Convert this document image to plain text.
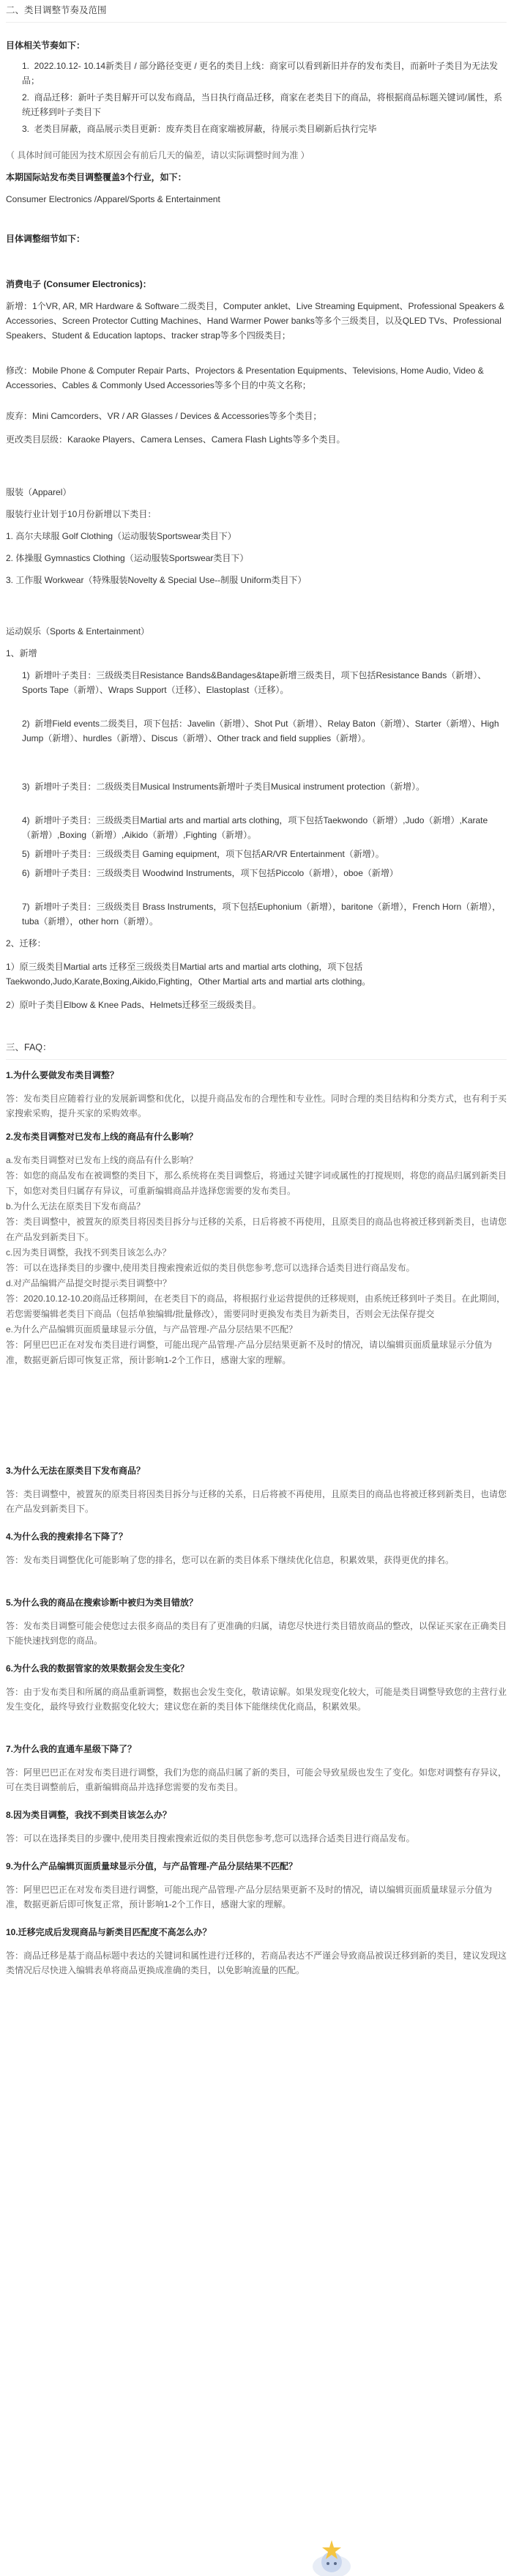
二、类目调整节奏及范围
目体相关节奏如下：
1.  2022.10.12- 10.14新类目 / 部分路径变更 / 更名的类目上线：商家可以看到新旧并存的发布类目，而新叶子类目为无法发品；
2.  商品迁移：新叶子类目解开可以发布商品，当日执行商品迁移，商家在老类目下的商品，将根据商品标题关键词/属性，系统迁移到叶子类目下
3.  老类目屏蔽，商品展示类目更新：废弃类目在商家端被屏蔽，待展示类目刷新后执行完毕
（ 具体时间可能因为技术原因会有前后几天的偏差，请以实际调整时间为准 ）
本期国际站发布类目调整覆盖3个行业，如下：
Consumer Electronics /Apparel/Sports & Entertainment
目体调整细节如下：
消费电子 (Consumer Electronics)：
新增：1个VR, AR, MR Hardware & Software二级类目，Computer anklet、Live Streaming Equipment、Professional Speakers & Accessories、Screen Protector Cutting Machines、Hand Warmer Power banks等多个三级类目，以及QLED TVs、Professional Speakers、Student & Education laptops、tracker strap等多个四级类目；
修改：Mobile Phone & Computer Repair Parts、Projectors & Presentation Equipments、Televisions, Home Audio, Video & Accessories、Cables & Commonly Used Accessories等多个目的中英文名称；
废弃：Mini Camcorders、VR / AR Glasses / Devices & Accessories等多个类目；
更改类目层级：Karaoke Players、Camera Lenses、Camera Flash Lights等多个类目。
服装（Apparel）
服装行业计划于10月份新增以下类目：
1. 高尔夫球服 Golf Clothing（运动服装Sportswear类目下）
2. 体操服 Gymnastics Clothing（运动服装Sportswear类目下）
3. 工作服 Workwear（特殊服装Novelty & Special Use--制服 Uniform类目下）
运动娱乐（Sports & Entertainment）
1、新增
1)  新增叶子类目：三级级类目Resistance Bands&Bandages&tape新增三级类目，项下包括Resistance Bands（新增）、Sports Tape（新增）、Wraps Support（迁移）、Elastoplast（迁移）。
2)  新增Field events二级类目，项下包括：Javelin（新增）、Shot Put（新增）、Relay Baton（新增）、Starter（新增）、High Jump（新增）、hurdles（新增）、Discus（新增）、Other track and field supplies（新增）。
3)  新增叶子类目：二级级类目Musical Instruments新增叶子类目Musical instrument protection（新增）。
4)  新增叶子类目：三级级类目Martial arts and martial arts clothing，项下包括Taekwondo（新增）,Judo（新增）,Karate（新增）,Boxing（新增）,Aikido（新增）,Fighting（新增）。
5)  新增叶子类目：三级级类目 Gaming equipment，项下包括AR/VR Entertainment（新增）。
6)  新增叶子类目：三级级类目 Woodwind Instruments，项下包括Piccolo（新增），oboe（新增）
7)  新增叶子类目：三级级类目 Brass Instruments，项下包括Euphonium（新增），baritone（新增），French Horn（新增），tuba（新增），other horn（新增）。
2、迁移：
1）原三级类目Martial arts 迁移至三级级类目Martial arts and martial arts clothing，项下包括Taekwondo,Judo,Karate,Boxing,Aikido,Fighting，Other Martial arts and martial arts clothing。
2）原叶子类目Elbow & Knee Pads、Helmets迁移至三级级类目。
三、FAQ：
1.为什么要做发布类目调整？
答：发布类目应随着行业的发展新调整和优化，以提升商品发布的合理性和专业性。同时合理的类目结构和分类方式，也有利于买家搜索采购，提升买家的采购效率。
2.发布类目调整对已发布上线的商品有什么影响？
a.发布类目调整对已发布上线的商品有什么影响？
答：如您的商品发布在被调整的类目下，那么系统将在类目调整后，将通过关键字词或属性的打搅规则，将您的商品归属到新类目下，如您对类目归属存有异议，可重新编辑商品并选择您需要的发布类目。
b.为什么无法在原类目下发布商品？
答：类目调整中，被置灰的原类目将因类目拆分与迁移的关系，日后将被不再使用，且原类目的商品也将被迁移到新类目，也请您在产品发到新类目下。
c.因为类目调整，我找不到类目该怎么办？
答：可以在选择类目的步骤中,使用类目搜索搜索近似的类目供您参考,您可以选择合适类目进行商品发布。
d.对产品编辑产品提交时提示类目调整中？
答：2020.10.12-10.20商品迁移期间，在老类目下的商品，将根据行业运营提供的迁移规则，由系统迁移到叶子类目。在此期间，若您需要编辑老类目下商品（包括单独编辑/批量修改），需要同时更换发布类目为新类目，否则会无法保存提交
e.为什么产品编辑页面质量球显示分值，与产品管理-产品分层结果不匹配？
答：阿里巴巴正在对发布类目进行调整，可能出现产品管理-产品分层结果更新不及时的情况，请以编辑页面质量球显示分值为准，数据更新后即可恢复正常，预计影响1-2个工作日，感谢大家的理解。
3.为什么无法在原类目下发布商品？
答：类目调整中，被置灰的原类目将因类目拆分与迁移的关系，日后将被不再使用，且原类目的商品也将被迁移到新类目，也请您在产品发到新类目下。
4.为什么我的搜索排名下降了？
答：发布类目调整优化可能影响了您的排名，您可以在新的类目体系下继续优化信息，积累效果，获得更优的排名。
5.为什么我的商品在搜索诊断中被归为类目错放？
答：发布类目调整可能会使您过去很多商品的类目有了更准确的归属，请您尽快进行类目错放商品的整改，以保证买家在正确类目下能快速找到您的商品。
6.为什么我的数据管家的效果数据会发生变化？
答：由于发布类目和所属的商品重新调整，数据也会发生变化，敬请谅解。如果发现变化较大，可能是类目调整导致您的主营行业发生变化，最终导致行业数据变化较大；建议您在新的类目体下能继续优化商品，积累效果。
7.为什么我的直通车星级下降了？
答：阿里巴巴正在对发布类目进行调整，我们为您的商品归属了新的类目，可能会导致星级也发生了变化。如您对调整有存异议，可在类目调整前后，重新编辑商品并选择您需要的发布类目。
8.因为类目调整，我找不到类目该怎么办？
答：可以在选择类目的步骤中,使用类目搜索搜索近似的类目供您参考,您可以选择合适类目进行商品发布。
9.为什么产品编辑页面质量球显示分值，与产品管理-产品分层结果不匹配？
答：阿里巴巴正在对发布类目进行调整，可能出现产品管理-产品分层结果更新不及时的情况，请以编辑页面质量球显示分值为准，数据更新后即可恢复正常，预计影响1-2个工作日，感谢大家的理解。
10.迁移完成后发现商品与新类目匹配度不高怎么办？
答：商品迁移是基于商品标题中表达的关键词和属性进行迁移的，若商品表达不严谨会导致商品被误迁移到新的类目，建议发现这类情况后尽快进入编辑表单将商品更换成准确的类目，以免影响流量的匹配。
